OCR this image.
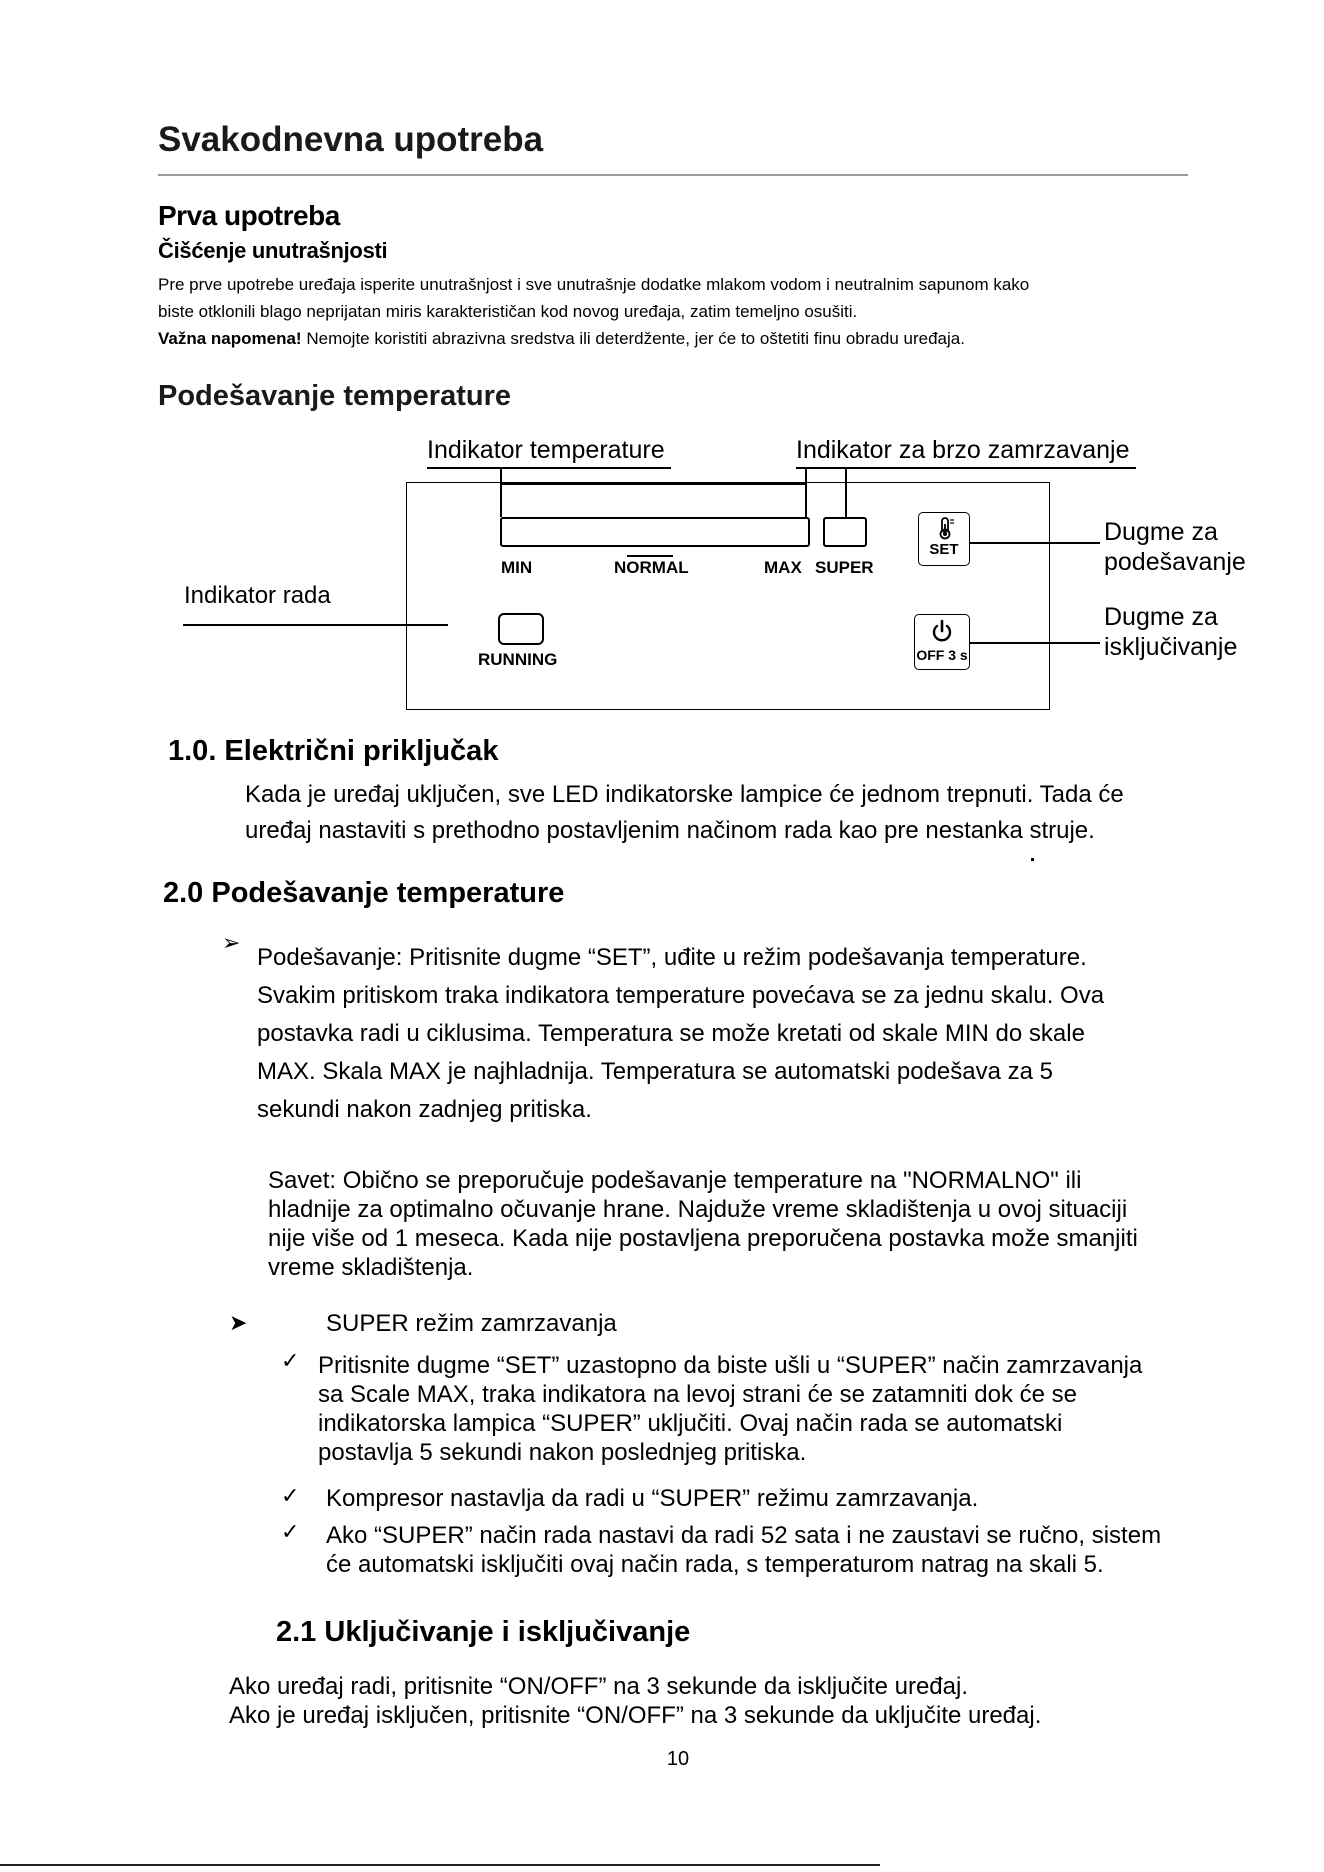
Svakodnevna upotreba
Prva upotreba
Čišćenje unutrašnjosti
Pre prve upotrebe uređaja isperite unutrašnjost i sve unutrašnje dodatke mlakom vodom i neutralnim sapunom kako
biste otklonili blago neprijatan miris karakterističan kod novog uređaja, zatim temeljno osušiti.
Važna napomena! Nemojte koristiti abrazivna sredstva ili deterdžente, jer će to oštetiti finu obradu uređaja.
Podešavanje temperature
Indikator temperature	Indikator za brzo zamrzavanje
MIN	NORMAL	MAX SUPER
Indikator rada
RUNNING
SET
Dugme za
podešavanje
OFF 3 s
Dugme za
isključivanje
1.0. Električni priključak
Kada je uređaj uključen, sve LED indikatorske lampice će jednom trepnuti. Tada će
uređaj nastaviti s prethodno postavljenim načinom rada kao pre nestanka struje.
2.0 Podešavanje temperature
➢
Podešavanje: Pritisnite dugme “SET”, uđite u režim podešavanja temperature.
Svakim pritiskom traka indikatora temperature povećava se za jednu skalu. Ova
postavka radi u ciklusima. Temperatura se može kretati od skale MIN do skale
MAX. Skala MAX je najhladnija. Temperatura se automatski podešava za 5
sekundi nakon zadnjeg pritiska.
Savet: Obično se preporučuje podešavanje temperature na "NORMALNO" ili
hladnije za optimalno očuvanje hrane. Najduže vreme skladištenja u ovoj situaciji
nije više od 1 meseca. Kada nije postavljena preporučena postavka može smanjiti
vreme skladištenja.
➤	SUPER režim zamrzavanja
✓ Pritisnite dugme “SET” uzastopno da biste ušli u “SUPER” način zamrzavanja
sa Scale MAX, traka indikatora na levoj strani će se zatamniti dok će se
indikatorska lampica “SUPER” uključiti. Ovaj način rada se automatski
postavlja 5 sekundi nakon poslednjeg pritiska.
✓ Kompresor nastavlja da radi u “SUPER” režimu zamrzavanja.
✓ Ako “SUPER” način rada nastavi da radi 52 sata i ne zaustavi se ručno, sistem
će automatski isključiti ovaj način rada, s temperaturom natrag na skali 5.
2.1 Uključivanje i isključivanje
Ako uređaj radi, pritisnite “ON/OFF” na 3 sekunde da isključite uređaj.
Ako je uređaj isključen, pritisnite “ON/OFF” na 3 sekunde da uključite uređaj.
10
